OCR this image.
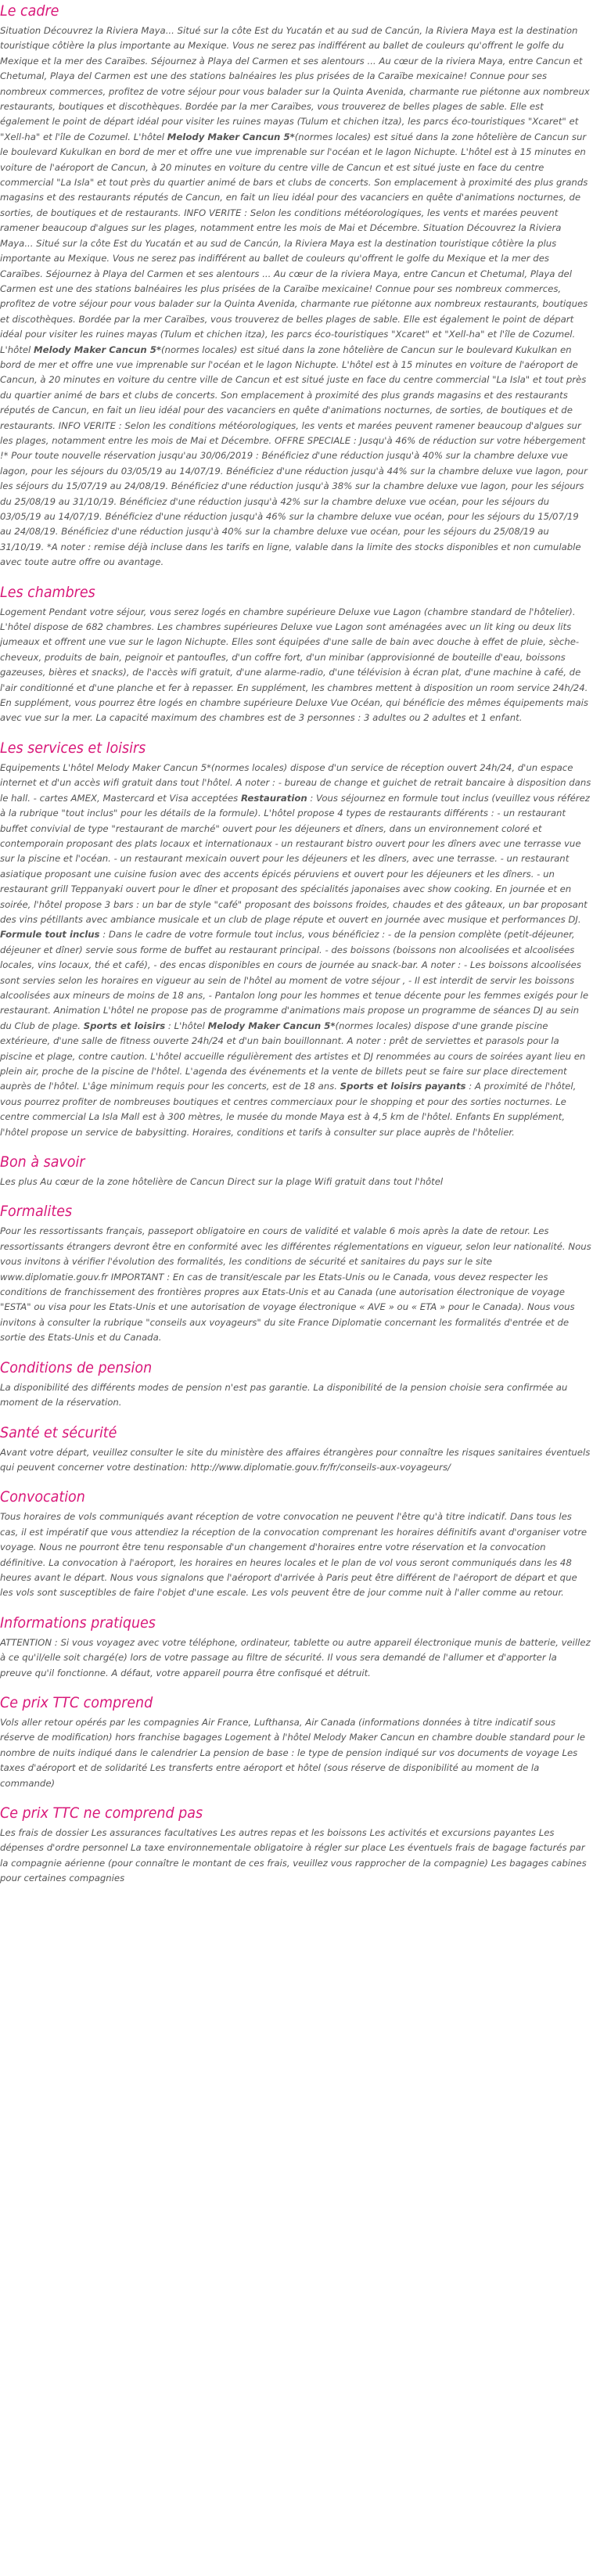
Le cadre

Situation Découvrez la Riviera Maya... Situé sur la côte Est du Yucatán et au sud de Cancún, la Riviera Maya est la destination touristique côtière la plus importante au Mexique. Vous ne serez pas indifférent au ballet de couleurs qu'offrent le golfe du Mexique et la mer des Caraïbes. Séjournez à Playa del Carmen et ses alentours ... Au cœur de la riviera Maya, entre Cancun et Chetumal, Playa del Carmen est une des stations balnéaires les plus prisées de la Caraïbe mexicaine! Connue pour ses nombreux commerces, profitez de votre séjour pour vous balader sur la Quinta Avenida, charmante rue piétonne aux nombreux restaurants, boutiques et discothèques. Bordée par la mer Caraïbes, vous trouverez de belles plages de sable. Elle est également le point de départ idéal pour visiter les ruines mayas (Tulum et chichen itza), les parcs éco-touristiques "Xcaret" et "Xell-ha" et l'île de Cozumel. L'hôtel Melody Maker Cancun 5*(normes locales) est situé dans la zone hôtelière de Cancun sur le boulevard Kukulkan en bord de mer et offre une vue imprenable sur l'océan et le lagon Nichupte. L'hôtel est à 15 minutes en voiture de l'aéroport de Cancun, à 20 minutes en voiture du centre ville de Cancun et est situé juste en face du centre commercial "La Isla" et tout près du quartier animé de bars et clubs de concerts. Son emplacement à proximité des plus grands magasins et des restaurants réputés de Cancun, en fait un lieu idéal pour des vacanciers en quête d'animations nocturnes, de sorties, de boutiques et de restaurants. INFO VERITE : Selon les conditions météorologiques, les vents et marées peuvent ramener beaucoup d'algues sur les plages, notamment entre les mois de Mai et Décembre. Situation Découvrez la Riviera Maya... Situé sur la côte Est du Yucatán et au sud de Cancún, la Riviera Maya est la destination touristique côtière la plus importante au Mexique. Vous ne serez pas indifférent au ballet de couleurs qu'offrent le golfe du Mexique et la mer des Caraïbes. Séjournez à Playa del Carmen et ses alentours ... Au cœur de la riviera Maya, entre Cancun et Chetumal, Playa del Carmen est une des stations balnéaires les plus prisées de la Caraïbe mexicaine! Connue pour ses nombreux commerces, profitez de votre séjour pour vous balader sur la Quinta Avenida, charmante rue piétonne aux nombreux restaurants, boutiques et discothèques. Bordée par la mer Caraïbes, vous trouverez de belles plages de sable. Elle est également le point de départ idéal pour visiter les ruines mayas (Tulum et chichen itza), les parcs éco-touristiques "Xcaret" et "Xell-ha" et l'île de Cozumel. L'hôtel Melody Maker Cancun 5*(normes locales) est situé dans la zone hôtelière de Cancun sur le boulevard Kukulkan en bord de mer et offre une vue imprenable sur l'océan et le lagon Nichupte. L'hôtel est à 15 minutes en voiture de l'aéroport de Cancun, à 20 minutes en voiture du centre ville de Cancun et est situé juste en face du centre commercial "La Isla" et tout près du quartier animé de bars et clubs de concerts. Son emplacement à proximité des plus grands magasins et des restaurants réputés de Cancun, en fait un lieu idéal pour des vacanciers en quête d'animations nocturnes, de sorties, de boutiques et de restaurants. INFO VERITE : Selon les conditions météorologiques, les vents et marées peuvent ramener beaucoup d'algues sur les plages, notamment entre les mois de Mai et Décembre. OFFRE SPECIALE : Jusqu'à 46% de réduction sur votre hébergement !* Pour toute nouvelle réservation jusqu'au 30/06/2019 : Bénéficiez d'une réduction jusqu'à 40% sur la chambre deluxe vue lagon, pour les séjours du 03/05/19 au 14/07/19. Bénéficiez d'une réduction jusqu'à 44% sur la chambre deluxe vue lagon, pour les séjours du 15/07/19 au 24/08/19. Bénéficiez d'une réduction jusqu'à 38% sur la chambre deluxe vue lagon, pour les séjours du 25/08/19 au 31/10/19. Bénéficiez d'une réduction jusqu'à 42% sur la chambre deluxe vue océan, pour les séjours du 03/05/19 au 14/07/19. Bénéficiez d'une réduction jusqu'à 46% sur la chambre deluxe vue océan, pour les séjours du 15/07/19 au 24/08/19. Bénéficiez d'une réduction jusqu'à 40% sur la chambre deluxe vue océan, pour les séjours du 25/08/19 au 31/10/19. *A noter : remise déjà incluse dans les tarifs en ligne, valable dans la limite des stocks disponibles et non cumulable avec toute autre offre ou avantage.

Les chambres

Logement Pendant votre séjour, vous serez logés en chambre supérieure Deluxe vue Lagon (chambre standard de l'hôtelier). L'hôtel dispose de 682 chambres. Les chambres supérieures Deluxe vue Lagon sont aménagées avec un lit king ou deux lits jumeaux et offrent une vue sur le lagon Nichupte. Elles sont équipées d'une salle de bain avec douche à effet de pluie, sèche-cheveux, produits de bain, peignoir et pantoufles, d'un coffre fort, d'un minibar (approvisionné de bouteille d'eau, boissons gazeuses, bières et snacks), de l'accès wifi gratuit, d'une alarme-radio, d'une télévision à écran plat, d'une machine à café, de l'air conditionné et d'une planche et fer à repasser. En supplément, les chambres mettent à disposition un room service 24h/24. En supplément, vous pourrez être logés en chambre supérieure Deluxe Vue Océan, qui bénéficie des mêmes équipements mais avec vue sur la mer. La capacité maximum des chambres est de 3 personnes : 3 adultes ou 2 adultes et 1 enfant.

Les services et loisirs

Equipements L'hôtel Melody Maker Cancun 5*(normes locales) dispose d'un service de réception ouvert 24h/24, d'un espace internet et d'un accès wifi gratuit dans tout l'hôtel. A noter : - bureau de change et guichet de retrait bancaire à disposition dans le hall. - cartes AMEX, Mastercard et Visa acceptées Restauration : Vous séjournez en formule tout inclus (veuillez vous référez à la rubrique "tout inclus" pour les détails de la formule). L'hôtel propose 4 types de restaurants différents : - un restaurant buffet convivial de type "restaurant de marché" ouvert pour les déjeuners et dîners, dans un environnement coloré et contemporain proposant des plats locaux et internationaux - un restaurant bistro ouvert pour les dîners avec une terrasse vue sur la piscine et l'océan. - un restaurant mexicain ouvert pour les déjeuners et les dîners, avec une terrasse. - un restaurant asiatique proposant une cuisine fusion avec des accents épicés péruviens et ouvert pour les déjeuners et les dîners. - un restaurant grill Teppanyaki ouvert pour le dîner et proposant des spécialités japonaises avec show cooking. En journée et en soirée, l'hôtel propose 3 bars : un bar de style "café" proposant des boissons froides, chaudes et des gâteaux, un bar proposant des vins pétillants avec ambiance musicale et un club de plage répute et ouvert en journée avec musique et performances DJ. Formule tout inclus : Dans le cadre de votre formule tout inclus, vous bénéficiez : - de la pension complète (petit-déjeuner, déjeuner et dîner) servie sous forme de buffet au restaurant principal. - des boissons (boissons non alcoolisées et alcoolisées locales, vins locaux, thé et café), - des encas disponibles en cours de journée au snack-bar. A noter : - Les boissons alcoolisées sont servies selon les horaires en vigueur au sein de l'hôtel au moment de votre séjour , - Il est interdit de servir les boissons alcoolisées aux mineurs de moins de 18 ans, - Pantalon long pour les hommes et tenue décente pour les femmes exigés pour le restaurant. Animation L'hôtel ne propose pas de programme d'animations mais propose un programme de séances DJ au sein du Club de plage. Sports et loisirs : L'hôtel Melody Maker Cancun 5*(normes locales) dispose d'une grande piscine extérieure, d'une salle de fitness ouverte 24h/24 et d'un bain bouillonnant. A noter : prêt de serviettes et parasols pour la piscine et plage, contre caution. L'hôtel accueille régulièrement des artistes et DJ renommées au cours de soirées ayant lieu en plein air, proche de la piscine de l'hôtel. L'agenda des événements et la vente de billets peut se faire sur place directement auprès de l'hôtel. L'âge minimum requis pour les concerts, est de 18 ans. Sports et loisirs payants : A proximité de l'hôtel, vous pourrez profiter de nombreuses boutiques et centres commerciaux pour le shopping et pour des sorties nocturnes. Le centre commercial La Isla Mall est à 300 mètres, le musée du monde Maya est à 4,5 km de l'hôtel. Enfants En supplément, l'hôtel propose un service de babysitting. Horaires, conditions et tarifs à consulter sur place auprès de l'hôtelier.

Bon à savoir

Les plus Au cœur de la zone hôtelière de Cancun Direct sur la plage Wifi gratuit dans tout l'hôtel

Formalites

Pour les ressortissants français, passeport obligatoire en cours de validité et valable 6 mois après la date de retour. Les ressortissants étrangers devront être en conformité avec les différentes réglementations en vigueur, selon leur nationalité. Nous vous invitons à vérifier l'évolution des formalités, les conditions de sécurité et sanitaires du pays sur le site www.diplomatie.gouv.fr IMPORTANT : En cas de transit/escale par les Etats-Unis ou le Canada, vous devez respecter les conditions de franchissement des frontières propres aux Etats-Unis et au Canada (une autorisation électronique de voyage "ESTA" ou visa pour les Etats-Unis et une autorisation de voyage électronique « AVE » ou « ETA » pour le Canada). Nous vous invitons à consulter la rubrique "conseils aux voyageurs" du site France Diplomatie concernant les formalités d'entrée et de sortie des Etats-Unis et du Canada.

Conditions de pension

La disponibilité des différents modes de pension n'est pas garantie. La disponibilité de la pension choisie sera confirmée au moment de la réservation.

Santé et sécurité

Avant votre départ, veuillez consulter le site du ministère des affaires étrangères pour connaître les risques sanitaires éventuels qui peuvent concerner votre destination: http://www.diplomatie.gouv.fr/fr/conseils-aux-voyageurs/

Convocation

Tous horaires de vols communiqués avant réception de votre convocation ne peuvent l'être qu'à titre indicatif. Dans tous les cas, il est impératif que vous attendiez la réception de la convocation comprenant les horaires définitifs avant d'organiser votre voyage. Nous ne pourront être tenu responsable d'un changement d'horaires entre votre réservation et la convocation définitive. La convocation à l'aéroport, les horaires en heures locales et le plan de vol vous seront communiqués dans les 48 heures avant le départ. Nous vous signalons que l'aéroport d'arrivée à Paris peut être différent de l'aéroport de départ et que les vols sont susceptibles de faire l'objet d'une escale. Les vols peuvent être de jour comme nuit à l'aller comme au retour.

Informations pratiques

ATTENTION : Si vous voyagez avec votre téléphone, ordinateur, tablette ou autre appareil électronique munis de batterie, veillez à ce qu'il/elle soit chargé(e) lors de votre passage au filtre de sécurité. Il vous sera demandé de l'allumer et d'apporter la preuve qu'il fonctionne. A défaut, votre appareil pourra être confisqué et détruit.

Ce prix TTC comprend

Vols aller retour opérés par les compagnies Air France, Lufthansa, Air Canada (informations données à titre indicatif sous réserve de modification) hors franchise bagages Logement à l'hôtel Melody Maker Cancun en chambre double standard pour le nombre de nuits indiqué dans le calendrier La pension de base : le type de pension indiqué sur vos documents de voyage Les taxes d'aéroport et de solidarité Les transferts entre aéroport et hôtel (sous réserve de disponibilité au moment de la commande)

Ce prix TTC ne comprend pas

Les frais de dossier Les assurances facultatives Les autres repas et les boissons Les activités et excursions payantes Les dépenses d'ordre personnel La taxe environnementale obligatoire à régler sur place Les éventuels frais de bagage facturés par la compagnie aérienne (pour connaître le montant de ces frais, veuillez vous rapprocher de la compagnie) Les bagages cabines pour certaines compagnies
